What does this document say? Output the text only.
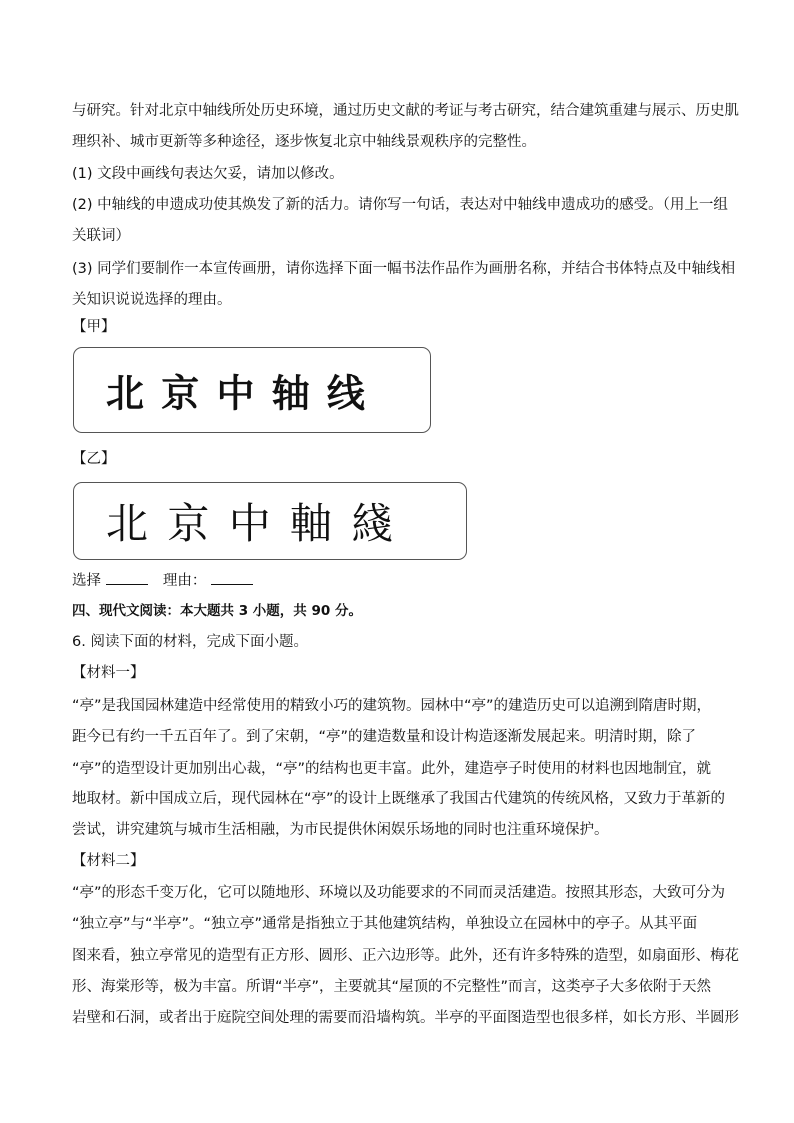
与研究。针对北京中轴线所处历史环境，通过历史文献的考证与考古研究，结合建筑重建与展示、历史肌
理织补、城市更新等多种途径，逐步恢复北京中轴线景观秩序的完整性。
(1) 文段中画线句表达欠妥，请加以修改。
(2) 中轴线的申遗成功使其焕发了新的活力。请你写一句话，表达对中轴线申遗成功的感受。（用上一组
关联词）
(3) 同学们要制作一本宣传画册，请你选择下面一幅书法作品作为画册名称，并结合书体特点及中轴线相
关知识说说选择的理由。
【甲】
北 京 中 轴 线
【乙】
北 京 中 軸 綫
选择	理由：
四、现代文阅读：本大题共 3 小题，共 90 分。
6. 阅读下面的材料，完成下面小题。
【材料一】
“亭”是我国园林建造中经常使用的精致小巧的建筑物。园林中“亭”的建造历史可以追溯到隋唐时期，
距今已有约一千五百年了。到了宋朝，“亭”的建造数量和设计构造逐渐发展起来。明清时期，除了
“亭”的造型设计更加别出心裁，“亭”的结构也更丰富。此外，建造亭子时使用的材料也因地制宜，就
地取材。新中国成立后，现代园林在“亭”的设计上既继承了我国古代建筑的传统风格，又致力于革新的
尝试，讲究建筑与城市生活相融，为市民提供休闲娱乐场地的同时也注重环境保护。
【材料二】
“亭”的形态千变万化，它可以随地形、环境以及功能要求的不同而灵活建造。按照其形态，大致可分为
“独立亭”与“半亭”。“独立亭”通常是指独立于其他建筑结构，单独设立在园林中的亭子。从其平面
图来看，独立亭常见的造型有正方形、圆形、正六边形等。此外，还有许多特殊的造型，如扇面形、梅花
形、海棠形等，极为丰富。所谓“半亭”，主要就其“屋顶的不完整性”而言，这类亭子大多依附于天然
岩壁和石洞，或者出于庭院空间处理的需要而沿墙构筑。半亭的平面图造型也很多样，如长方形、半圆形
